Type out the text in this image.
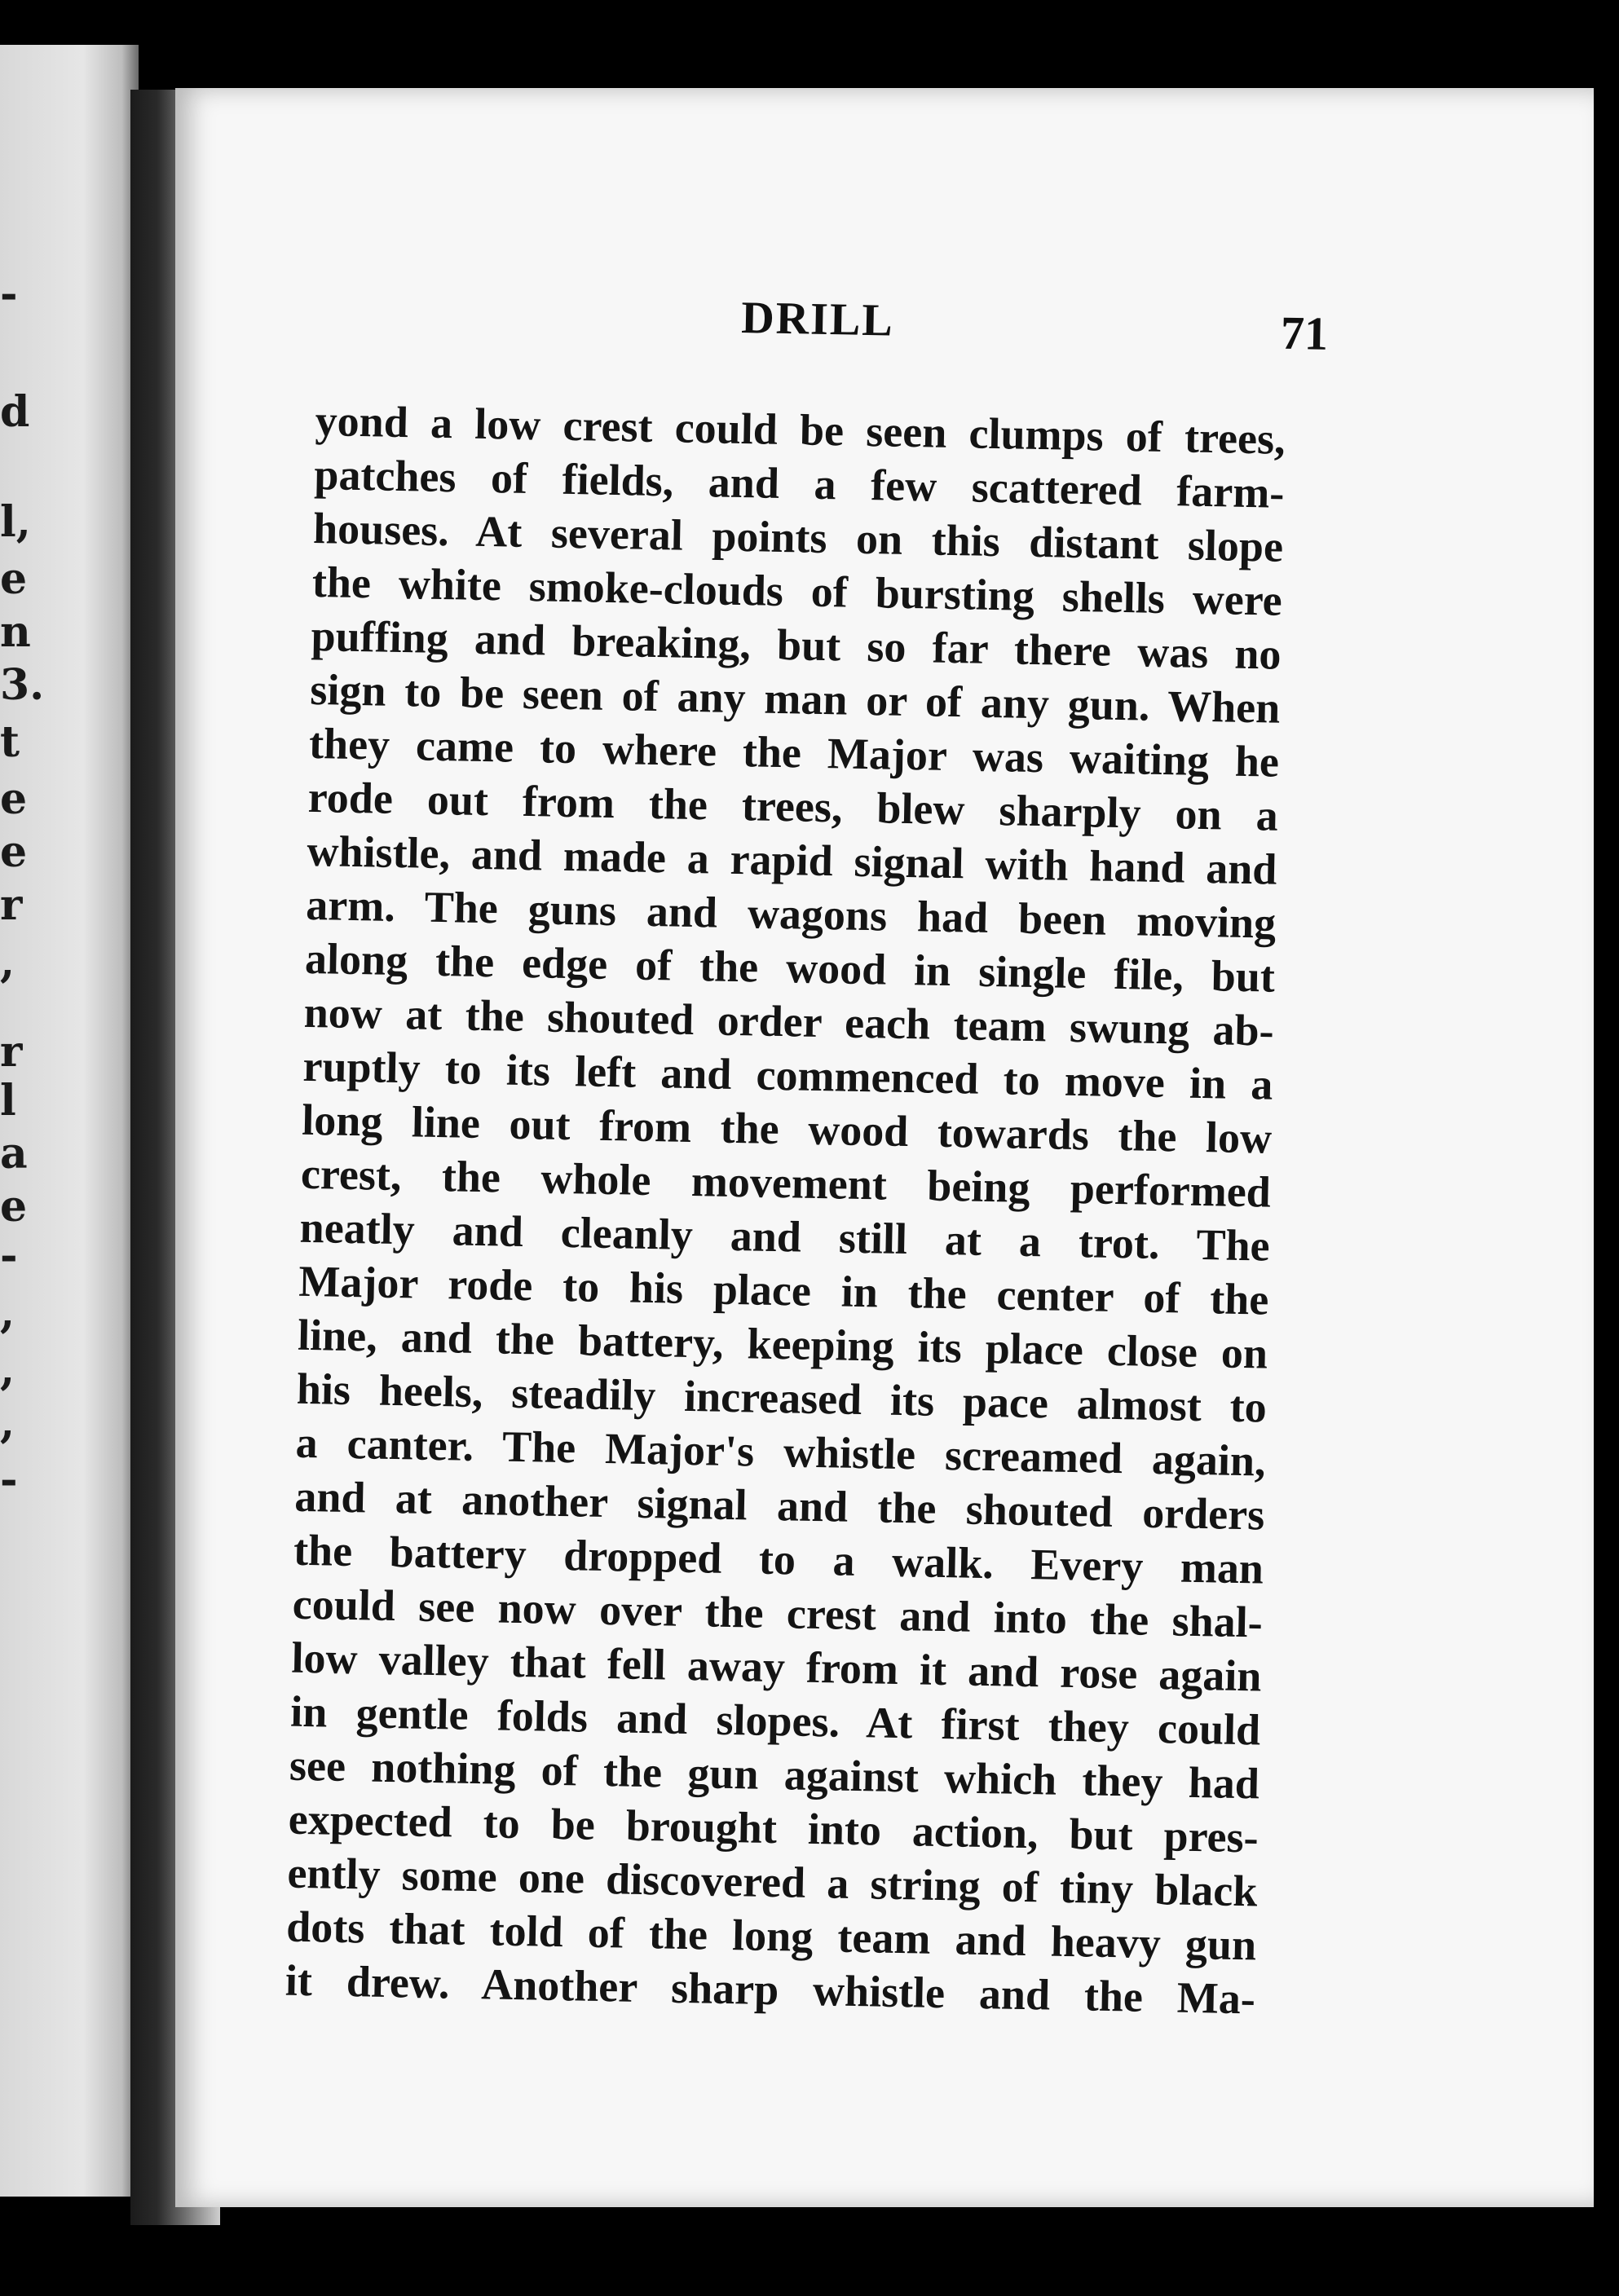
-
d
l,
e
n
3.
t
e
e
r
,
r
l
a
e
-
,
,
,
-
DRILL	71
yond a low crest could be seen clumps of trees,
patches of fields, and a few scattered farm-
houses. At several points on this distant slope
the white smoke-clouds of bursting shells were
puffing and breaking, but so far there was no
sign to be seen of any man or of any gun. When
they came to where the Major was waiting he
rode out from the trees, blew sharply on a
whistle, and made a rapid signal with hand and
arm. The guns and wagons had been moving
along the edge of the wood in single file, but
now at the shouted order each team swung ab-
ruptly to its left and commenced to move in a
long line out from the wood towards the low
crest, the whole movement being performed
neatly and cleanly and still at a trot. The
Major rode to his place in the center of the
line, and the battery, keeping its place close on
his heels, steadily increased its pace almost to
a canter. The Major's whistle screamed again,
and at another signal and the shouted orders
the battery dropped to a walk. Every man
could see now over the crest and into the shal-
low valley that fell away from it and rose again
in gentle folds and slopes. At first they could
see nothing of the gun against which they had
expected to be brought into action, but pres-
ently some one discovered a string of tiny black
dots that told of the long team and heavy gun
it drew. Another sharp whistle and the Ma-
